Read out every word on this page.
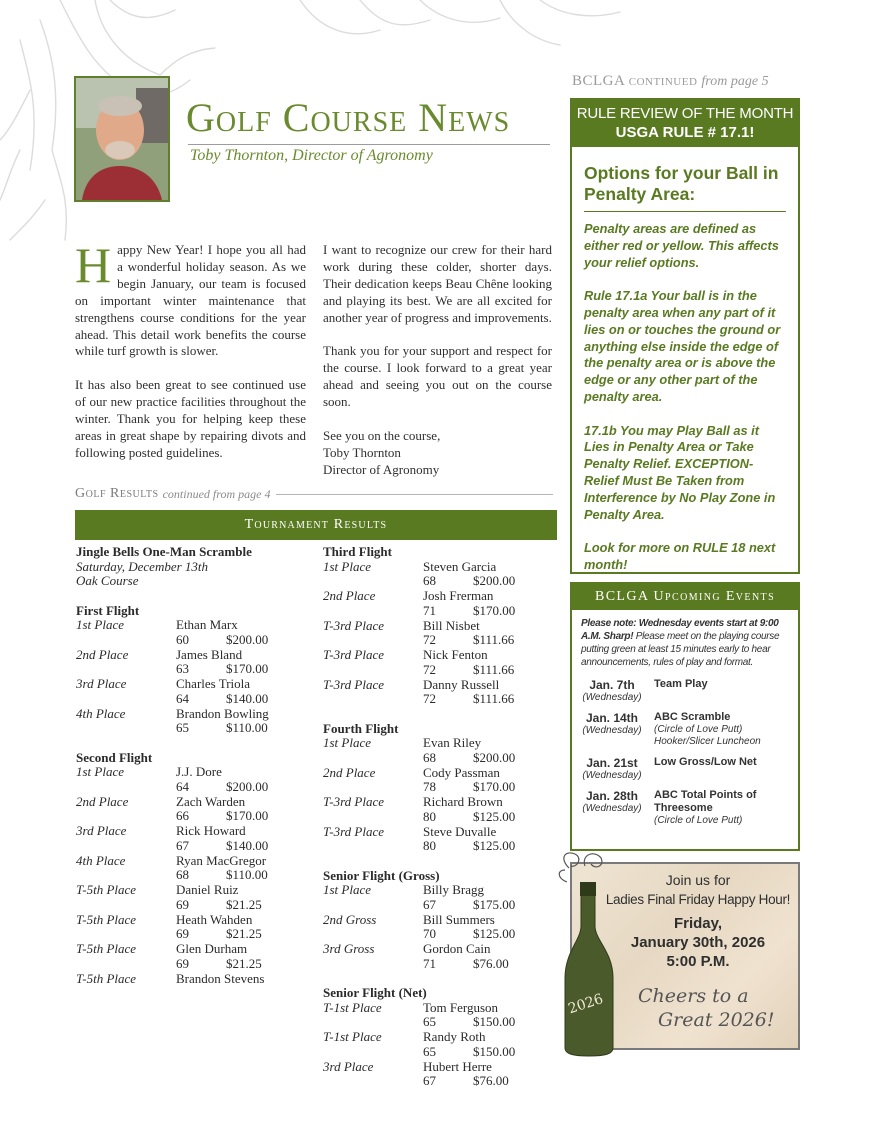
Golf Course News
Toby Thornton, Director of Agronomy

Happy New Year! I hope you all had a wonderful holiday season. As we begin January, our team is focused on important winter maintenance that strengthens course conditions for the year ahead. This detail work benefits the course while turf growth is slower.

It has also been great to see continued use of our new practice facilities throughout the winter. Thank you for helping keep these areas in great shape by repairing divots and following posted guidelines.

I want to recognize our crew for their hard work during these colder, shorter days. Their dedication keeps Beau Chêne looking and playing its best. We are all excited for another year of progress and improvements.

Thank you for your support and respect for the course. I look forward to a great year ahead and seeing you out on the course soon.

See you on the course,
Toby Thornton
Director of Agronomy
Golf Results continued from page 4
Tournament Results
Jingle Bells One-Man Scramble
Saturday, December 13th
Oak Course
First Flight
1st Place	Ethan Marx
60	$200.00
2nd Place	James Bland
63	$170.00
3rd Place	Charles Triola
64	$140.00
4th Place	Brandon Bowling
65	$110.00
Second Flight
1st Place	J.J. Dore
64	$200.00
2nd Place	Zach Warden
66	$170.00
3rd Place	Rick Howard
67	$140.00
4th Place	Ryan MacGregor
68	$110.00
T-5th Place	Daniel Ruiz
69	$21.25
T-5th Place	Heath Wahden
69	$21.25
T-5th Place	Glen Durham
69	$21.25
T-5th Place	Brandon Stevens
Third Flight
1st Place	Steven Garcia
68	$200.00
2nd Place	Josh Frerman
71	$170.00
T-3rd Place	Bill Nisbet
72	$111.66
T-3rd Place	Nick Fenton
72	$111.66
T-3rd Place	Danny Russell
72	$111.66
Fourth Flight
1st Place	Evan Riley
68	$200.00
2nd Place	Cody Passman
78	$170.00
T-3rd Place	Richard Brown
80	$125.00
T-3rd Place	Steve Duvalle
80	$125.00
Senior Flight (Gross)
1st Place	Billy Bragg
67	$175.00
2nd Gross	Bill Summers
70	$125.00
3rd Gross	Gordon Cain
71	$76.00
Senior Flight (Net)
T-1st Place	Tom Ferguson
65	$150.00
T-1st Place	Randy Roth
65	$150.00
3rd Place	Hubert Herre
67	$76.00
BCLGA continued from page 5
RULE REVIEW OF THE MONTH
USGA RULE # 17.1!
Options for your Ball in Penalty Area:
Penalty areas are defined as either red or yellow. This affects your relief options.
Rule 17.1a Your ball is in the penalty area when any part of it lies on or touches the ground or anything else inside the edge of the penalty area or is above the edge or any other part of the penalty area.
17.1b You may Play Ball as it Lies in Penalty Area or Take Penalty Relief. EXCEPTION-Relief Must Be Taken from Interference by No Play Zone in Penalty Area.
Look for more on RULE 18 next month!
BCLGA Upcoming Events
Please note: Wednesday events start at 9:00 A.M. Sharp! Please meet on the playing course putting green at least 15 minutes early to hear announcements, rules of play and format.
Jan. 7th
(Wednesday)
Team Play
Jan. 14th
(Wednesday)
ABC Scramble
(Circle of Love Putt)
Hooker/Slicer Luncheon
Jan. 21st
(Wednesday)
Low Gross/Low Net
Jan. 28th
(Wednesday)
ABC Total Points of Threesome
(Circle of Love Putt)
Join us for
Ladies Final Friday Happy Hour!
Friday,
January 30th, 2026
5:00 P.M.
Cheers to a
Great 2026!
2026
